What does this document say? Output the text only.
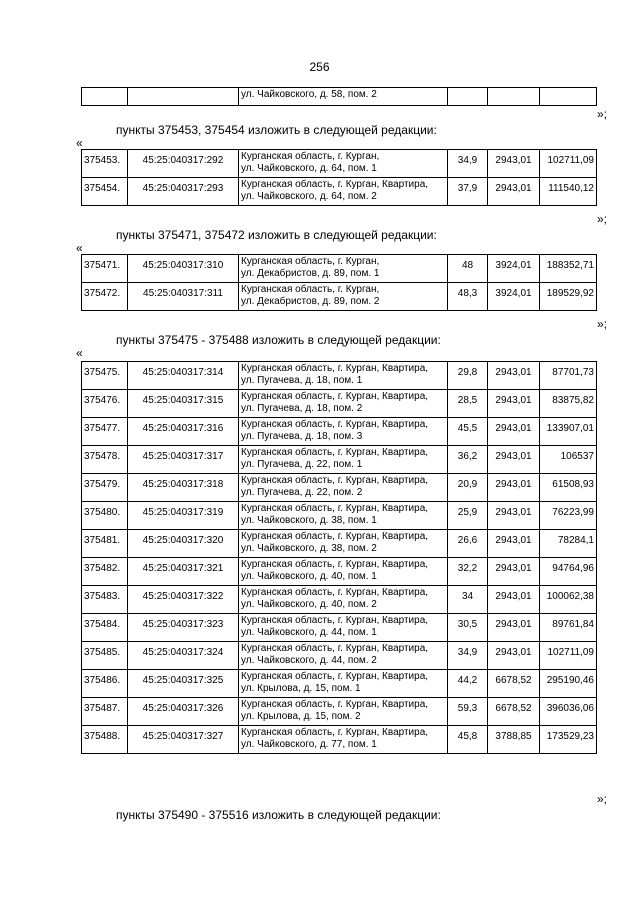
256
		ул. Чайковского, д. 58, пом. 2			
»;
пункты 375453, 375454 изложить в следующей редакции:
«
375453.	45:25:040317:292	Курганская область, г. Курган,
ул. Чайковского, д. 64, пом. 1	34,9	2943,01	102711,09
375454.	45:25:040317:293	Курганская область, г. Курган, Квартира,
ул. Чайковского, д. 64, пом. 2	37,9	2943,01	111540,12
»;
пункты 375471, 375472 изложить в следующей редакции:
«
375471.	45:25:040317:310	Курганская область, г. Курган,
ул. Декабристов, д. 89, пом. 1	48	3924,01	188352,71
375472.	45:25:040317:311	Курганская область, г. Курган,
ул. Декабристов, д. 89, пом. 2	48,3	3924,01	189529,92
»;
пункты 375475 - 375488 изложить в следующей редакции:
«
375475.	45:25:040317:314	Курганская область, г. Курган, Квартира,
ул. Пугачева, д. 18, пом. 1	29,8	2943,01	87701,73
375476.	45:25:040317:315	Курганская область, г. Курган, Квартира,
ул. Пугачева, д. 18, пом. 2	28,5	2943,01	83875,82
375477.	45:25:040317:316	Курганская область, г. Курган, Квартира,
ул. Пугачева, д. 18, пом. 3	45,5	2943,01	133907,01
375478.	45:25:040317:317	Курганская область, г. Курган, Квартира,
ул. Пугачева, д. 22, пом. 1	36,2	2943,01	106537
375479.	45:25:040317:318	Курганская область, г. Курган, Квартира,
ул. Пугачева, д. 22, пом. 2	20,9	2943,01	61508,93
375480.	45:25:040317:319	Курганская область, г. Курган, Квартира,
ул. Чайковского, д. 38, пом. 1	25,9	2943,01	76223,99
375481.	45:25:040317:320	Курганская область, г. Курган, Квартира,
ул. Чайковского, д. 38, пом. 2	26,6	2943,01	78284,1
375482.	45:25:040317:321	Курганская область, г. Курган, Квартира,
ул. Чайковского, д. 40, пом. 1	32,2	2943,01	94764,96
375483.	45:25:040317:322	Курганская область, г. Курган, Квартира,
ул. Чайковского, д. 40, пом. 2	34	2943,01	100062,38
375484.	45:25:040317:323	Курганская область, г. Курган, Квартира,
ул. Чайковского, д. 44, пом. 1	30,5	2943,01	89761,84
375485.	45:25:040317:324	Курганская область, г. Курган, Квартира,
ул. Чайковского, д. 44, пом. 2	34,9	2943,01	102711,09
375486.	45:25:040317:325	Курганская область, г. Курган, Квартира,
ул. Крылова, д. 15, пом. 1	44,2	6678,52	295190,46
375487.	45:25:040317:326	Курганская область, г. Курган, Квартира,
ул. Крылова, д. 15, пом. 2	59,3	6678,52	396036,06
375488.	45:25:040317:327	Курганская область, г. Курган, Квартира,
ул. Чайковского, д. 77, пом. 1	45,8	3788,85	173529,23
»;
пункты 375490 - 375516 изложить в следующей редакции:
